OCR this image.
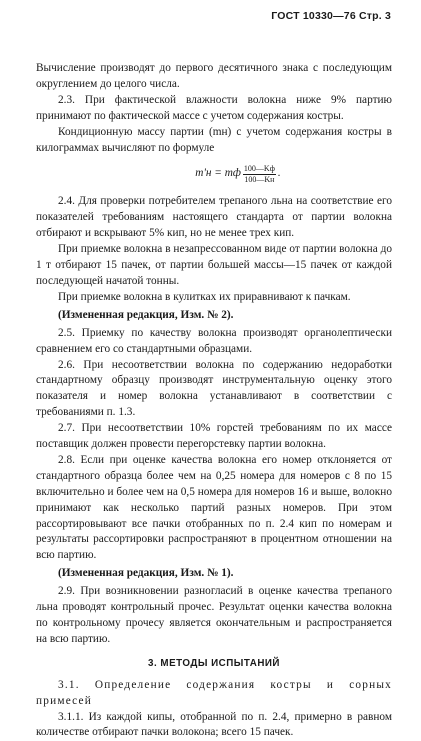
ГОСТ 10330—76 Стр. 3

Вычисление производят до первого десятичного знака с последующим округлением до целого числа.

2.3. При фактической влажности волокна ниже 9% партию принимают по фактической массе с учетом содержания костры.

Кондиционную массу партии (mн) с учетом содержания костры в килограммах вычисляют по формуле

m'н = mф $\frac{100—Kф}{100—Kн}$ .

2.4. Для проверки потребителем трепаного льна на соответствие его показателей требованиям настоящего стандарта от партии волокна отбирают и вскрывают 5% кип, но не менее трех кип.

При приемке волокна в незапрессованном виде от партии волокна до 1 т отбирают 15 пачек, от партии большей массы—15 пачек от каждой последующей начатой тонны.

При приемке волокна в кулитках их приравнивают к пачкам.

(Измененная редакция, Изм. № 2).

2.5. Приемку по качеству волокна производят органолептически сравнением его со стандартными образцами.

2.6. При несоответствии волокна по содержанию недоработки стандартному образцу производят инструментальную оценку этого показателя и номер волокна устанавливают в соответствии с требованиями п. 1.3.

2.7. При несоответствии 10% горстей требованиям по их массе поставщик должен провести перегорстевку партии волокна.

2.8. Если при оценке качества волокна его номер отклоняется от стандартного образца более чем на 0,25 номера для номеров с 8 по 15 включительно и более чем на 0,5 номера для номеров 16 и выше, волокно принимают как несколько партий разных номеров. При этом рассортировывают все пачки отобранных по п. 2.4 кип по номерам и результаты рассортировки распространяют в процентном отношении на всю партию.

(Измененная редакция, Изм. № 1).

2.9. При возникновении разногласий в оценке качества трепаного льна проводят контрольный прочес. Результат оценки качества волокна по контрольному прочесу является окончательным и распространяется на всю партию.

3. МЕТОДЫ ИСПЫТАНИЙ

3.1. Определение содержания костры и сорных примесей

3.1.1. Из каждой кипы, отобранной по п. 2.4, примерно в равном количестве отбирают пачки волокона; всего 15 пачек.
